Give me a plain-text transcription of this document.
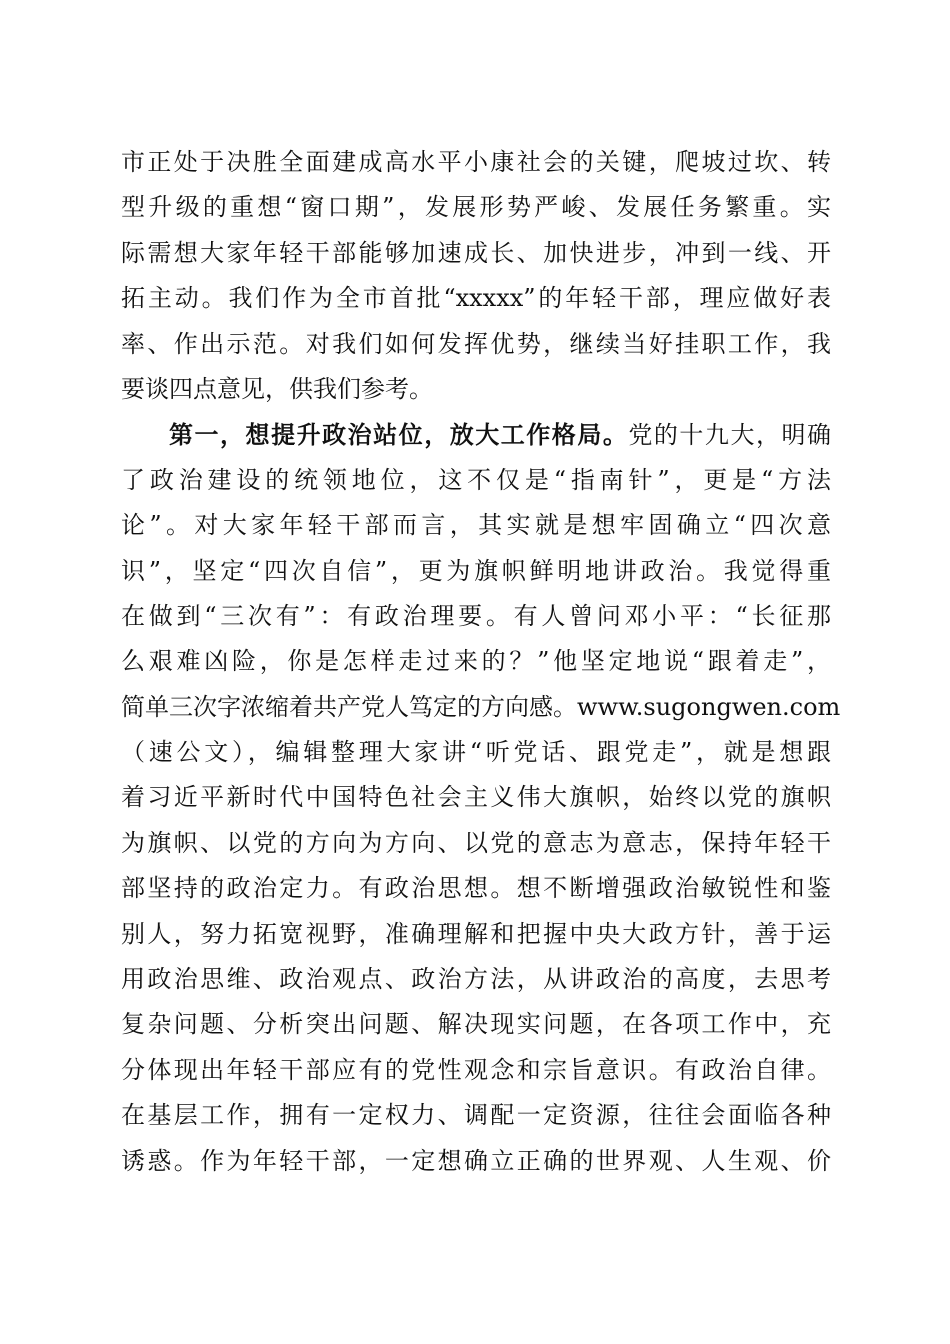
市正处于决胜全面建成高水平小康社会的关键，爬坡过坎、转
型升级的重想“窗口期”，发展形势严峻、发展任务繁重。实
际需想大家年轻干部能够加速成长、加快进步，冲到一线、开
拓主动。我们作为全市首批“xxxxx”的年轻干部，理应做好表
率、作出示范。对我们如何发挥优势，继续当好挂职工作，我
要谈四点意见，供我们参考。
第一，想提升政治站位，放大工作格局。党的十九大，明确
了政治建设的统领地位，这不仅是“指南针”，更是“方法
论”。对大家年轻干部而言，其实就是想牢固确立“四次意
识”，坚定“四次自信”，更为旗帜鲜明地讲政治。我觉得重
在做到“三次有”：有政治理要。有人曾问邓小平：“长征那
么艰难凶险，你是怎样走过来的？”他坚定地说“跟着走”，
简单三次字浓缩着共产党人笃定的方向感。www.sugongwen.com
（速公文），编辑整理大家讲“听党话、跟党走”，就是想跟
着习近平新时代中国特色社会主义伟大旗帜，始终以党的旗帜
为旗帜、以党的方向为方向、以党的意志为意志，保持年轻干
部坚持的政治定力。有政治思想。想不断增强政治敏锐性和鉴
别人，努力拓宽视野，准确理解和把握中央大政方针，善于运
用政治思维、政治观点、政治方法，从讲政治的高度，去思考
复杂问题、分析突出问题、解决现实问题，在各项工作中，充
分体现出年轻干部应有的党性观念和宗旨意识。有政治自律。
在基层工作，拥有一定权力、调配一定资源，往往会面临各种
诱惑。作为年轻干部，一定想确立正确的世界观、人生观、价
